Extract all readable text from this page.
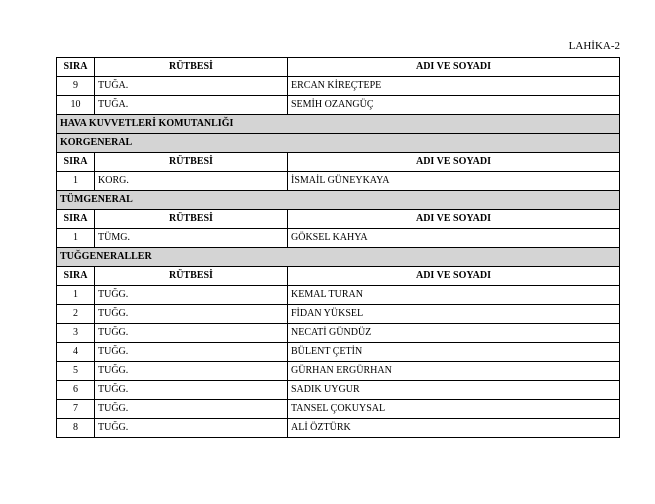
LAHİKA-2
SIRA	RÜTBESİ	ADI VE SOYADI
9	TUĞA.	ERCAN KİREÇTEPE
10	TUĞA.	SEMİH OZANGÜÇ
HAVA KUVVETLERİ KOMUTANLIĞI		
KORGENERAL		
SIRA	RÜTBESİ	ADI VE SOYADI
1	KORG.	İSMAİL GÜNEYKAYA
TÜMGENERAL		
SIRA	RÜTBESİ	ADI VE SOYADI
1	TÜMG.	GÖKSEL KAHYA
TUĞGENERALLER		
SIRA	RÜTBESİ	ADI VE SOYADI
1	TUĞG.	KEMAL TURAN
2	TUĞG.	FİDAN YÜKSEL
3	TUĞG.	NECATİ GÜNDÜZ
4	TUĞG.	BÜLENT ÇETİN
5	TUĞG.	GÜRHAN ERGÜRHAN
6	TUĞG.	SADIK UYGUR
7	TUĞG.	TANSEL ÇOKUYSAL
8	TUĞG.	ALİ ÖZTÜRK
